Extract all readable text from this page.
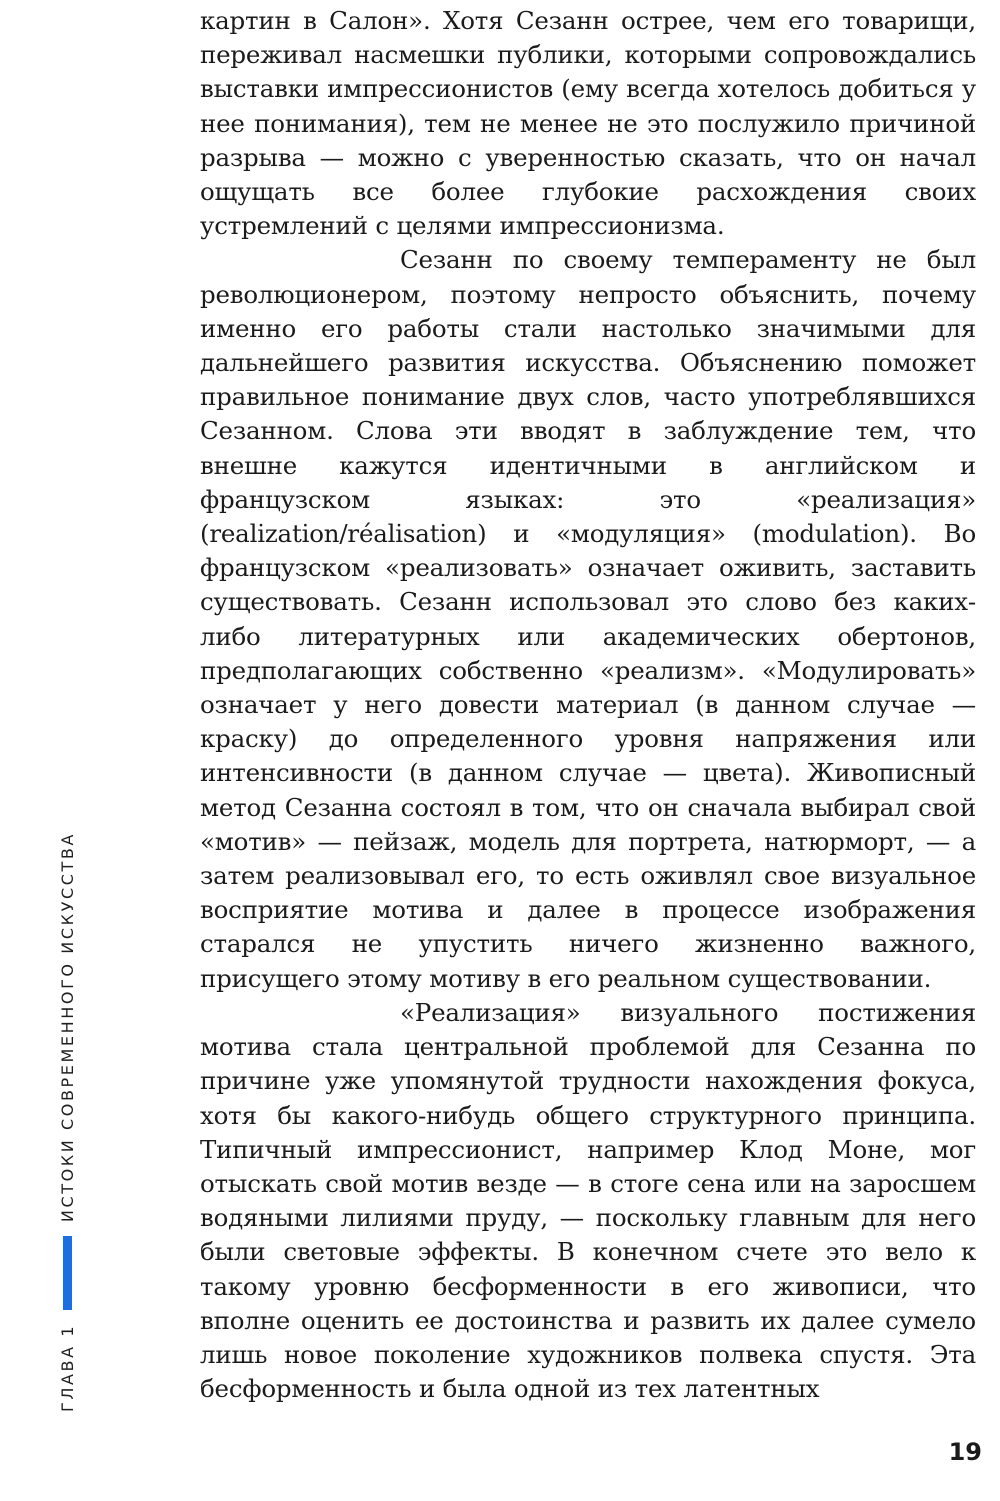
картин в Салон». Хотя Сезанн острее, чем его товарищи, переживал насмешки публики, которыми сопровождались выставки импрессионистов (ему всегда хотелось добиться у нее понимания), тем не менее не это послужило причиной разрыва — можно с уверенностью сказать, что он начал ощущать все более глубокие расхождения своих устремлений с целями импрессионизма.

Сезанн по своему темпераменту не был революционером, поэтому непросто объяснить, почему именно его работы стали настолько значимыми для дальнейшего развития искусства. Объяснению поможет правильное понимание двух слов, часто употреблявшихся Сезанном. Слова эти вводят в заблуждение тем, что внешне кажутся идентичными в английском и французском языках: это «реализация» (realization/réalisation) и «модуляция» (modulation). Во французском «реализовать» означает оживить, заставить существовать. Сезанн использовал это слово без каких-либо литературных или академических обертонов, предполагающих собственно «реализм». «Модулировать» означает у него довести материал (в данном случае — краску) до определенного уровня напряжения или интенсивности (в данном случае — цвета). Живописный метод Сезанна состоял в том, что он сначала выбирал свой «мотив» — пейзаж, модель для портрета, натюрморт, — а затем реализовывал его, то есть оживлял свое визуальное восприятие мотива и далее в процессе изображения старался не упустить ничего жизненно важного, присущего этому мотиву в его реальном существовании.

«Реализация» визуального постижения мотива стала центральной проблемой для Сезанна по причине уже упомянутой трудности нахождения фокуса, хотя бы какого-нибудь общего структурного принципа. Типичный импрессионист, например Клод Моне, мог отыскать свой мотив везде — в стоге сена или на заросшем водяными лилиями пруду, — поскольку главным для него были световые эффекты. В конечном счете это вело к такому уровню бесформенности в его живописи, что вполне оценить ее достоинства и развить их далее сумело лишь новое поколение художников полвека спустя. Эта бесформенность и была одной из тех латентных

ГЛАВА 1
ИСТОКИ СОВРЕМЕННОГО ИСКУССТВА
19
